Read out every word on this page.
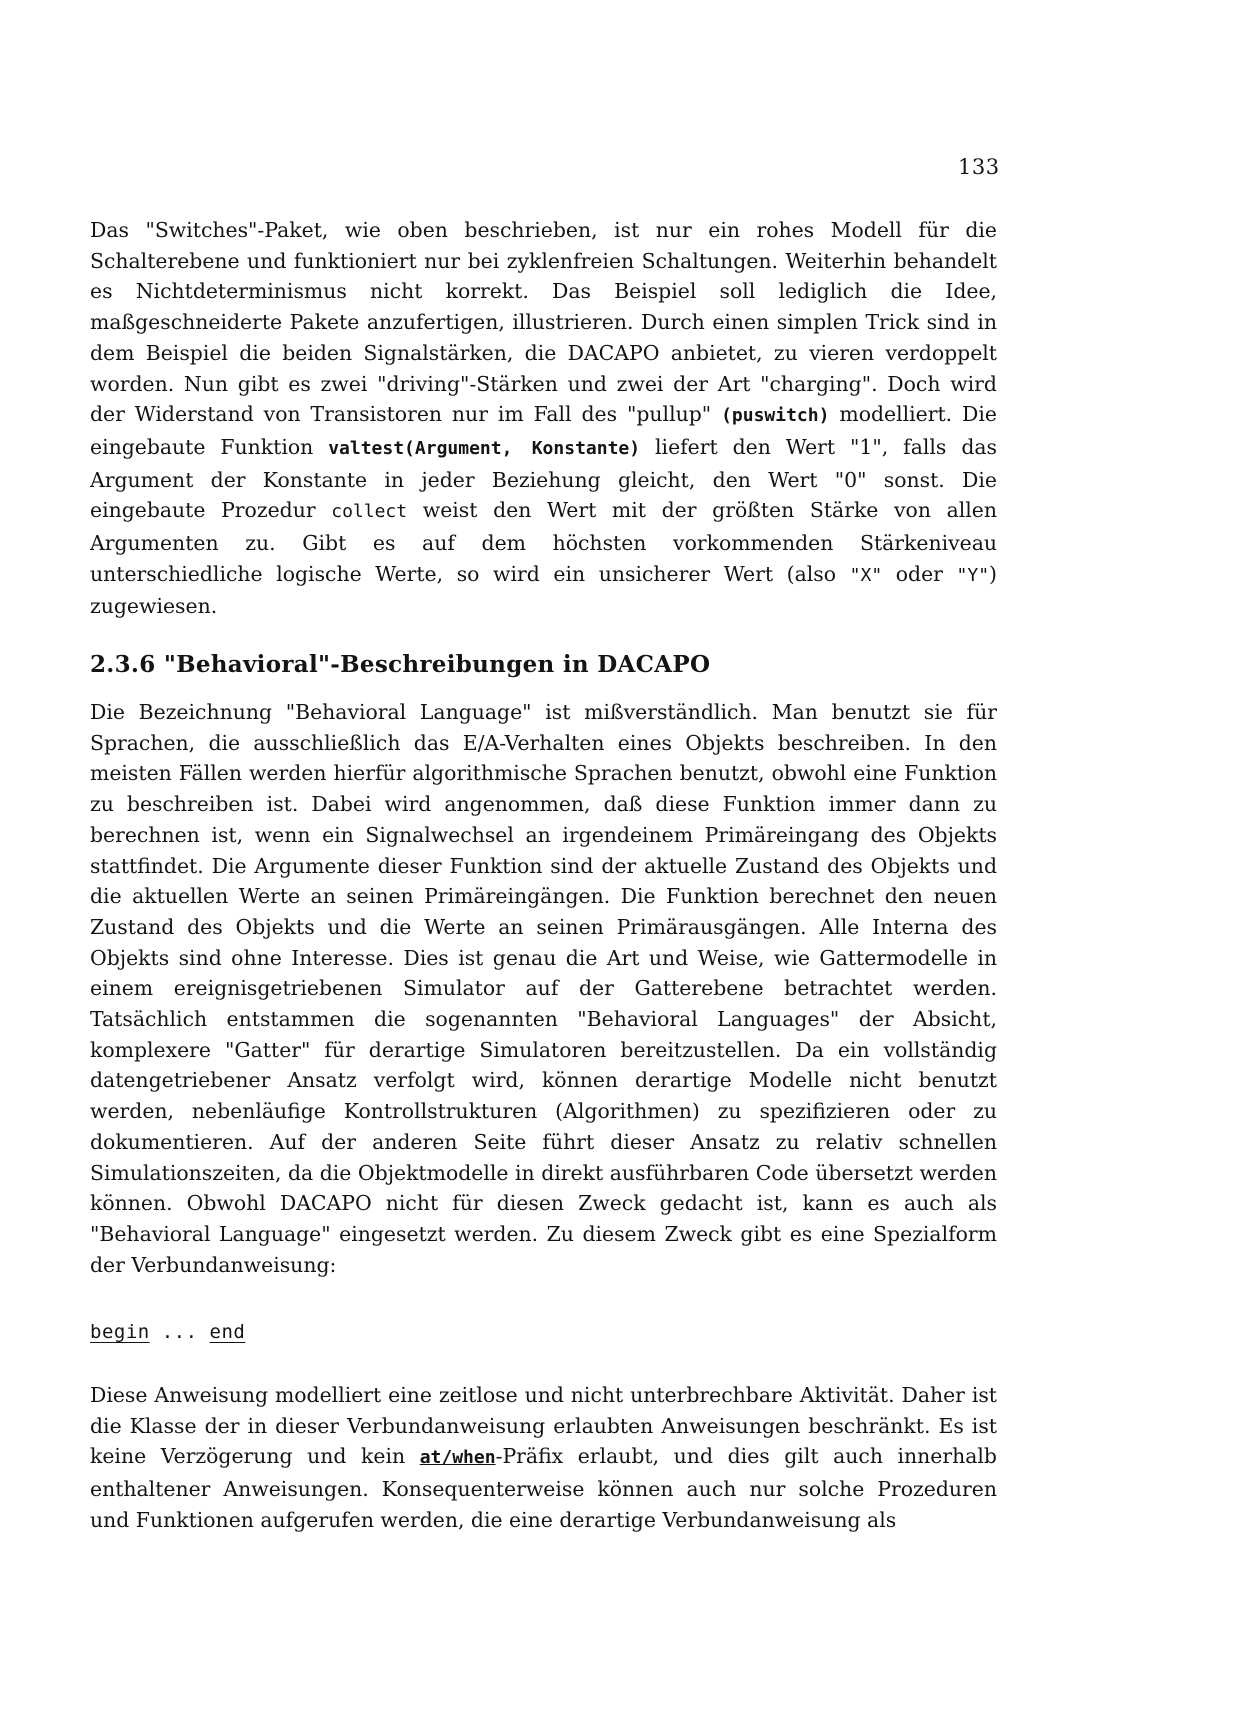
133

Das "Switches"-Paket, wie oben beschrieben, ist nur ein rohes Modell für die Schalterebene und funktioniert nur bei zyklenfreien Schaltungen. Weiterhin behandelt es Nichtdeterminismus nicht korrekt. Das Beispiel soll lediglich die Idee, maßgeschneiderte Pakete anzufertigen, illustrieren. Durch einen simplen Trick sind in dem Beispiel die beiden Signalstärken, die DACAPO anbietet, zu vieren verdoppelt worden. Nun gibt es zwei "driving"-Stärken und zwei der Art "charging". Doch wird der Widerstand von Transistoren nur im Fall des "pullup" (puswitch) modelliert. Die eingebaute Funktion valtest(Argument, Konstante) liefert den Wert "1", falls das Argument der Konstante in jeder Beziehung gleicht, den Wert "0" sonst. Die eingebaute Prozedur collect weist den Wert mit der größten Stärke von allen Argumenten zu. Gibt es auf dem höchsten vorkommenden Stärkeniveau unterschiedliche logische Werte, so wird ein unsicherer Wert (also "X" oder "Y") zugewiesen.

2.3.6 "Behavioral"-Beschreibungen in DACAPO

Die Bezeichnung "Behavioral Language" ist mißverständlich. Man benutzt sie für Sprachen, die ausschließlich das E/A-Verhalten eines Objekts beschreiben. In den meisten Fällen werden hierfür algorithmische Sprachen benutzt, obwohl eine Funktion zu beschreiben ist. Dabei wird angenommen, daß diese Funktion immer dann zu berechnen ist, wenn ein Signalwechsel an irgendeinem Primäreingang des Objekts stattfindet. Die Argumente dieser Funktion sind der aktuelle Zustand des Objekts und die aktuellen Werte an seinen Primäreingängen. Die Funktion berechnet den neuen Zustand des Objekts und die Werte an seinen Primärausgängen. Alle Interna des Objekts sind ohne Interesse. Dies ist genau die Art und Weise, wie Gattermodelle in einem ereignisgetriebenen Simulator auf der Gatterebene betrachtet werden. Tatsächlich entstammen die sogenannten "Behavioral Languages" der Absicht, komplexere "Gatter" für derartige Simulatoren bereitzustellen. Da ein vollständig datengetriebener Ansatz verfolgt wird, können derartige Modelle nicht benutzt werden, nebenläufige Kontrollstrukturen (Algorithmen) zu spezifizieren oder zu dokumentieren. Auf der anderen Seite führt dieser Ansatz zu relativ schnellen Simulationszeiten, da die Objektmodelle in direkt ausführbaren Code übersetzt werden können. Obwohl DACAPO nicht für diesen Zweck gedacht ist, kann es auch als "Behavioral Language" eingesetzt werden. Zu diesem Zweck gibt es eine Spezialform der Verbundanweisung:

begin ... end

Diese Anweisung modelliert eine zeitlose und nicht unterbrechbare Aktivität. Daher ist die Klasse der in dieser Verbundanweisung erlaubten Anweisungen beschränkt. Es ist keine Verzögerung und kein at/when-Präfix erlaubt, und dies gilt auch innerhalb enthaltener Anweisungen. Konsequenterweise können auch nur solche Prozeduren und Funktionen aufgerufen werden, die eine derartige Verbundanweisung als
